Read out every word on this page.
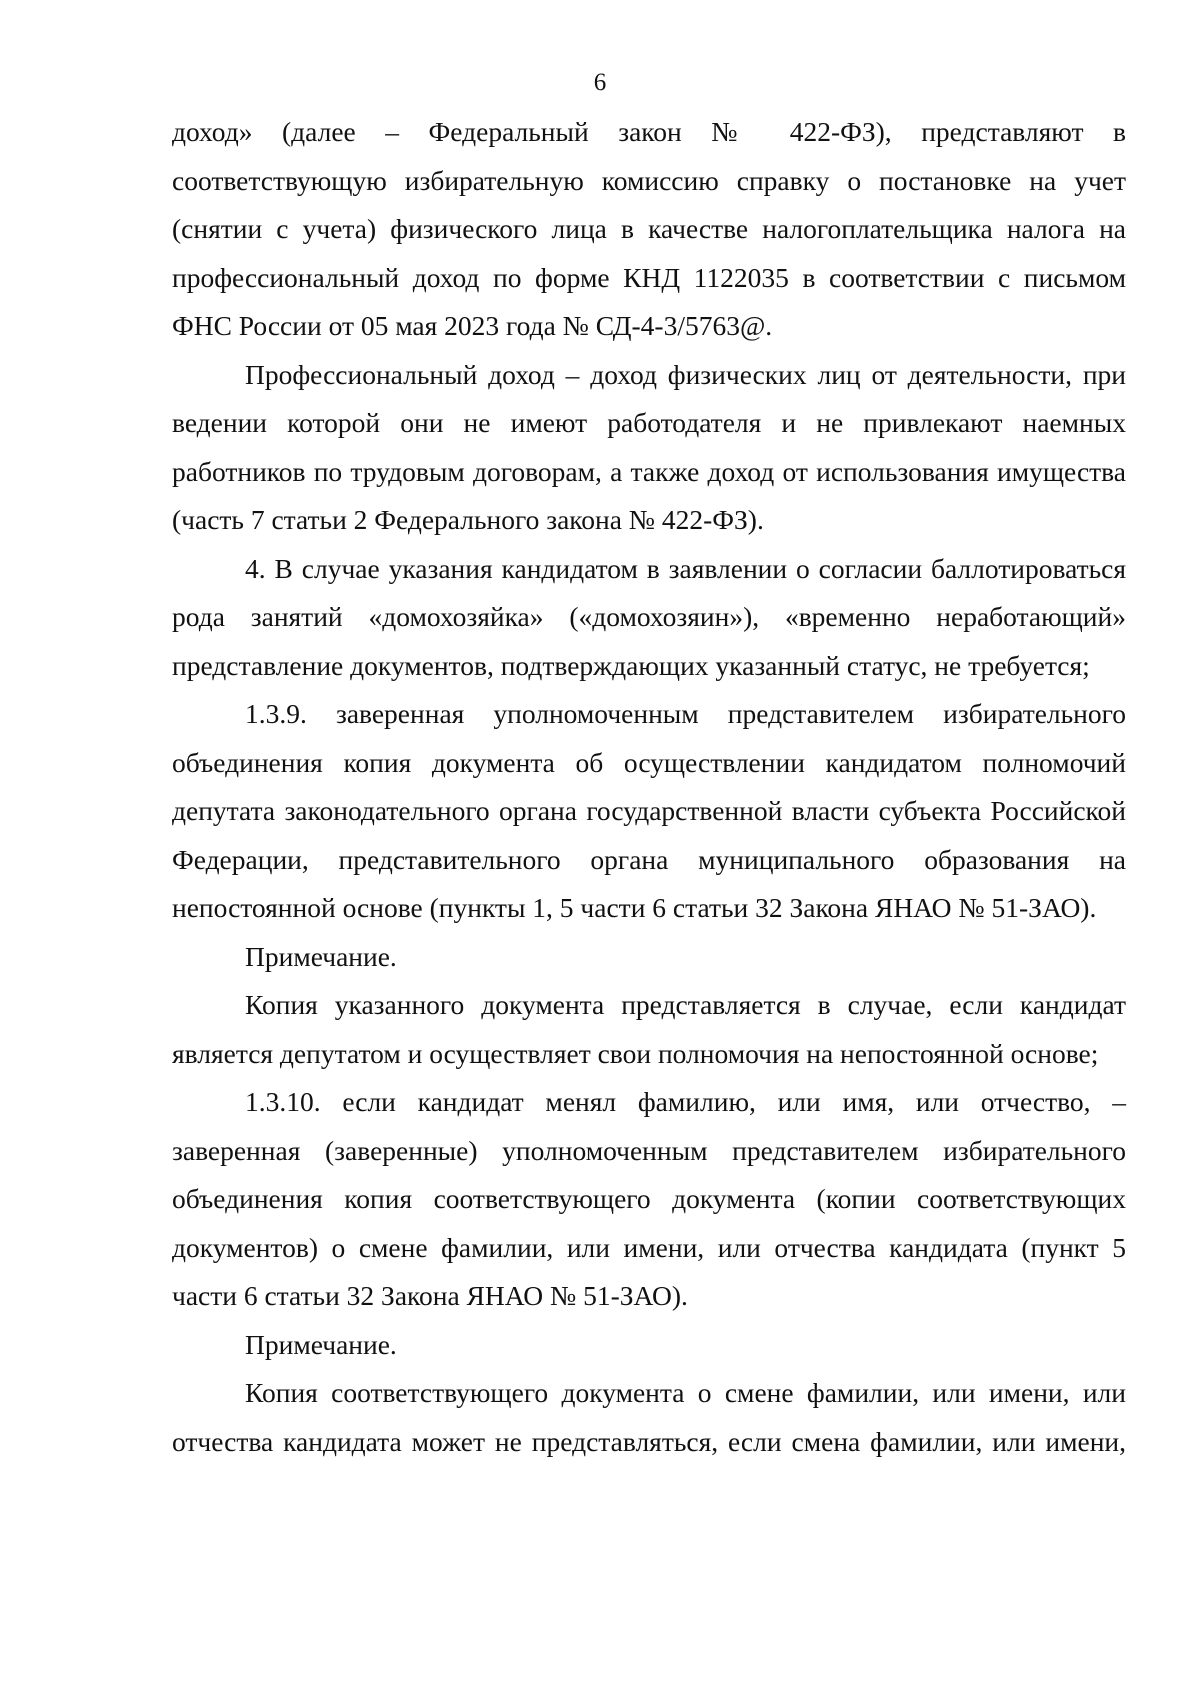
6

доход» (далее – Федеральный закон № 422-ФЗ), представляют в соответствующую избирательную комиссию справку о постановке на учет (снятии с учета) физического лица в качестве налогоплательщика налога на профессиональный доход по форме КНД 1122035 в соответствии с письмом ФНС России от 05 мая 2023 года № СД-4-3/5763@.

Профессиональный доход – доход физических лиц от деятельности, при ведении которой они не имеют работодателя и не привлекают наемных работников по трудовым договорам, а также доход от использования имущества (часть 7 статьи 2 Федерального закона № 422-ФЗ).

4. В случае указания кандидатом в заявлении о согласии баллотироваться рода занятий «домохозяйка» («домохозяин»), «временно неработающий» представление документов, подтверждающих указанный статус, не требуется;

1.3.9. заверенная уполномоченным представителем избирательного объединения копия документа об осуществлении кандидатом полномочий депутата законодательного органа государственной власти субъекта Российской Федерации, представительного органа муниципального образования на непостоянной основе (пункты 1, 5 части 6 статьи 32 Закона ЯНАО № 51-ЗАО).

Примечание.

Копия указанного документа представляется в случае, если кандидат является депутатом и осуществляет свои полномочия на непостоянной основе;

1.3.10. если кандидат менял фамилию, или имя, или отчество, – заверенная (заверенные) уполномоченным представителем избирательного объединения копия соответствующего документа (копии соответствующих документов) о смене фамилии, или имени, или отчества кандидата (пункт 5 части 6 статьи 32 Закона ЯНАО № 51-ЗАО).

Примечание.

Копия соответствующего документа о смене фамилии, или имени, или отчества кандидата может не представляться, если смена фамилии, или имени,
